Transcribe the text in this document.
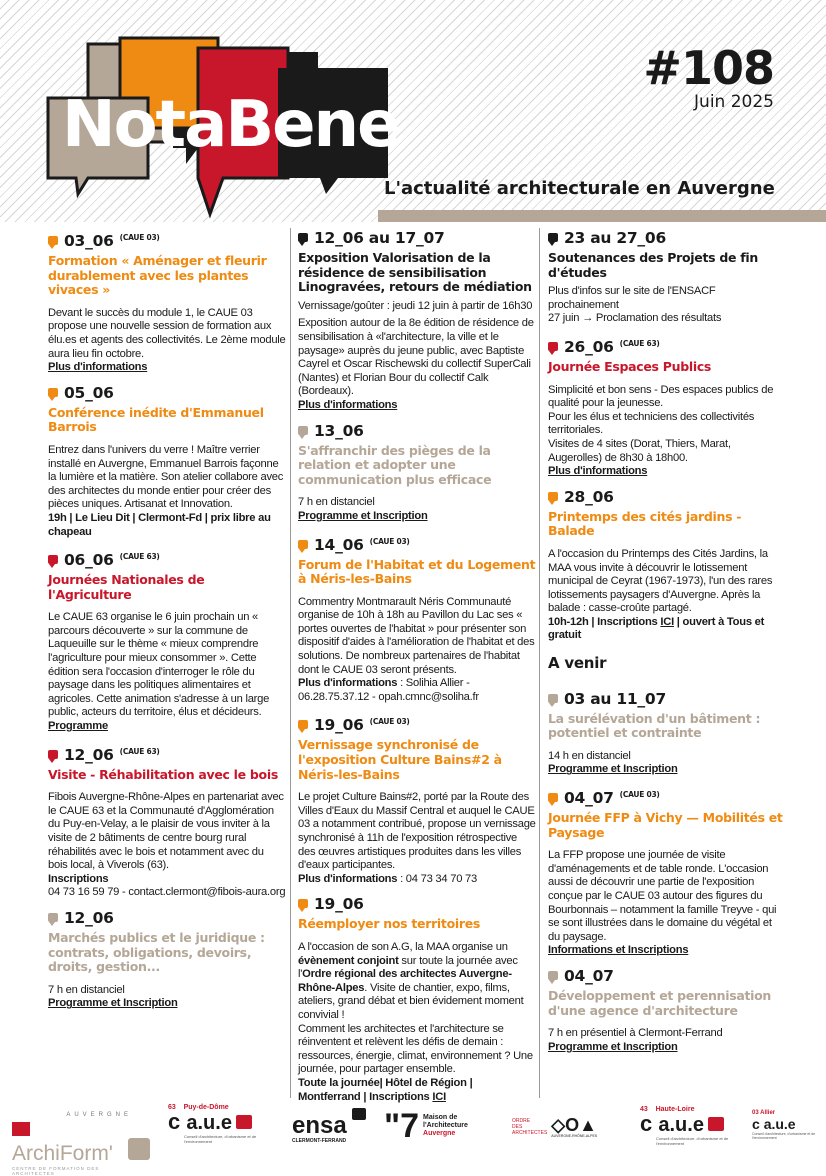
NotaBene
#108
Juin 2025
L'actualité architecturale en Auvergne
03_06 (CAUE 03)
Formation « Aménager et fleurir durablement avec les plantes vivaces »

Devant le succès du module 1, le CAUE 03 propose une nouvelle session de formation aux élu.es et agents des collectivités. Le 2ème module aura lieu fin octobre.

Plus d'informations

05_06
Conférence inédite d'Emmanuel Barrois

Entrez dans l'univers du verre ! Maître verrier installé en Auvergne, Emmanuel Barrois façonne la lumière et la matière. Son atelier collabore avec des architectes du monde entier pour créer des pièces uniques. Artisanat et Innovation.

19h | Le Lieu Dit | Clermont-Fd | prix libre au chapeau

06_06 (CAUE 63)
Journées Nationales de l'Agriculture

Le CAUE 63 organise le 6 juin prochain un « parcours découverte » sur la commune de Laqueuille sur le thème « mieux comprendre l'agriculture pour mieux consommer ». Cette édition sera l'occasion d'interroger le rôle du paysage dans les politiques alimentaires et agricoles. Cette animation s'adresse à un large public, acteurs du territoire, élus et décideurs.

Programme

12_06 (CAUE 63)
Visite - Réhabilitation avec le bois

Fibois Auvergne-Rhône-Alpes en partenariat avec le CAUE 63 et la Communauté d'Agglomération du Puy-en-Velay, a le plaisir de vous inviter à la visite de 2 bâtiments de centre bourg rural réhabilités avec le bois et notamment avec du bois local, à Viverols (63).

Inscriptions

04 73 16 59 79 - contact.clermont@fibois-aura.org

12_06
Marchés publics et le juridique : contrats, obligations, devoirs, droits, gestion...

7 h en distanciel

Programme et Inscription

12_06 au 17_07
Exposition Valorisation de la résidence de sensibilisation Linogravées, retours de médiation

Vernissage/goûter : jeudi 12 juin à partir de 16h30

Exposition autour de la 8e édition de résidence de sensibilisation à «l'architecture, la ville et le paysage» auprès du jeune public, avec Baptiste Cayrel et Oscar Rischewski du collectif SuperCali (Nantes) et Florian Bour du collectif Calk (Bordeaux).

Plus d'informations

13_06
S'affranchir des pièges de la relation et adopter une communication plus efficace

7 h en distanciel

Programme et Inscription

14_06 (CAUE 03)
Forum de l'Habitat et du Logement à Néris-les-Bains

Commentry Montmarault Néris Communauté organise de 10h à 18h au Pavillon du Lac ses « portes ouvertes de l'habitat » pour présenter son dispositif d'aides à l'amélioration de l'habitat et des solutions. De nombreux partenaires de l'habitat dont le CAUE 03 seront présents.

Plus d'informations : Solihia Allier - 06.28.75.37.12 - opah.cmnc@soliha.fr

19_06 (CAUE 03)
Vernissage synchronisé de l'exposition Culture Bains#2 à Néris-les-Bains

Le projet Culture Bains#2, porté par la Route des Villes d'Eaux du Massif Central et auquel le CAUE 03 a notamment contribué, propose un vernissage synchronisé à 11h de l'exposition rétrospective des œuvres artistiques produites dans les villes d'eaux participantes.

Plus d'informations : 04 73 34 70 73

19_06
Réemployer nos territoires

A l'occasion de son A.G, la MAA organise un évènement conjoint sur toute la journée avec l'Ordre régional des architectes Auvergne-Rhône-Alpes. Visite de chantier, expo, films, ateliers, grand débat et bien évidement moment convivial !

Comment les architectes et l'architecture se réinventent et relèvent les défis de demain : ressources, énergie, climat, environnement ? Une journée, pour partager ensemble.

Toute la journée| Hôtel de Région | Montferrand | Inscriptions ICI

23 au 27_06
Soutenances des Projets de fin d'études

Plus d'infos sur le site de l'ENSACF prochainement

27 juin → Proclamation des résultats

26_06 (CAUE 63)
Journée Espaces Publics

Simplicité et bon sens - Des espaces publics de qualité pour la jeunesse.

Pour les élus et techniciens des collectivités territoriales.

Visites de 4 sites (Dorat, Thiers, Marat, Augerolles) de 8h30 à 18h00.

Plus d'informations

28_06
Printemps des cités jardins - Balade

A l'occasion du Printemps des Cités Jardins, la MAA vous invite à découvrir le lotissement municipal de Ceyrat (1967-1973), l'un des rares lotissements paysagers d'Auvergne. Après la balade : casse-croûte partagé.

10h-12h | Inscriptions ICI | ouvert à Tous et gratuit

A venir
03 au 11_07
La surélévation d'un bâtiment : potentiel et contrainte

14 h en distanciel

Programme et Inscription

04_07 (CAUE 03)
Journée FFP à Vichy — Mobilités et Paysage

La FFP propose une journée de visite d'aménagements et de table ronde. L'occasion aussi de découvrir une partie de l'exposition conçue par le CAUE 03 autour des figures du Bourbonnais – notamment la famille Treyve - qui se sont illustrées dans le domaine du végétal et du paysage.

Informations et Inscriptions

04_07
Développement et perennisation d'une agence d'architecture

7 h en présentiel à Clermont-Ferrand

Programme et Inscription

AUVERGNE
ArchiForm'
CENTRE DE FORMATION DES ARCHITECTES
63 Puy-de-Dôme
c a.u.e
Conseil d'architecture, d'urbanisme et de l'environnement
ensa
CLERMONT-FERRAND	"7 Maison de
l'Architecture
Auvergne
ORDRE
DES
ARCHITECTES ◇O▲
AUVERGNE-RHÔNE-ALPES
43 Haute-Loire
c a.u.e
Conseil d'architecture, d'urbanisme et de l'environnement
03 Allier
c a.u.e
Conseil d'architecture, d'urbanisme et de l'environnement
